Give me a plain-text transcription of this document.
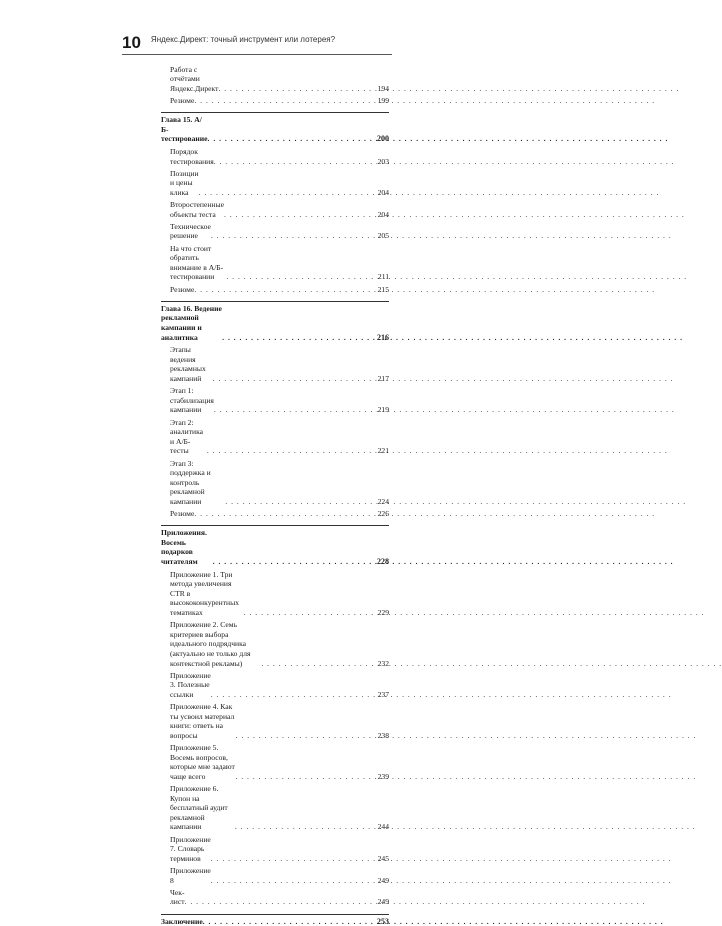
10 Яндекс.Директ: точный инструмент или лотерея?
Работа с отчётами Яндекс.Директ . . .	194
Резюме . . .	199
Глава 15. А/Б-тестирование . . .	200
Порядок тестирования . . .	203
Позиции и цены клика . . .	204
Второстепенные объекты теста . . .	204
Техническое решение . . .	205
На что стоит обратить внимание в А/Б-тестировании . . .	211
Резюме . . .	215
Глава 16. Ведение рекламной кампании и аналитика . . .	216
Этапы ведения рекламных кампаний . . .	217
Этап 1: стабилизация кампании . . .	219
Этап 2: аналитика и А/Б-тесты . . .	221
Этап 3: поддержка и контроль рекламной кампании . . .	224
Резюме . . .	226
Приложения. Восемь подарков читателям . . .	228
Приложение 1. Три метода увеличения CTR в высококонкурентных тематиках . . .	229
Приложение 2. Семь критериев выбора идеального подрядчика (актуально не только для контекстной рекламы) . . .	232
Приложение 3. Полезные ссылки . . .	237
Приложение 4. Как ты усвоил материал книги: ответь на вопросы . . .	238
Приложение 5. Восемь вопросов, которые мне задают чаще всего . . .	239
Приложение 6. Купон на бесплатный аудит рекламной кампании . . .	244
Приложение 7. Словарь терминов . . .	245
Приложение 8 . . .	249
Чек-лист . . .	249
Заключение . . .	253
